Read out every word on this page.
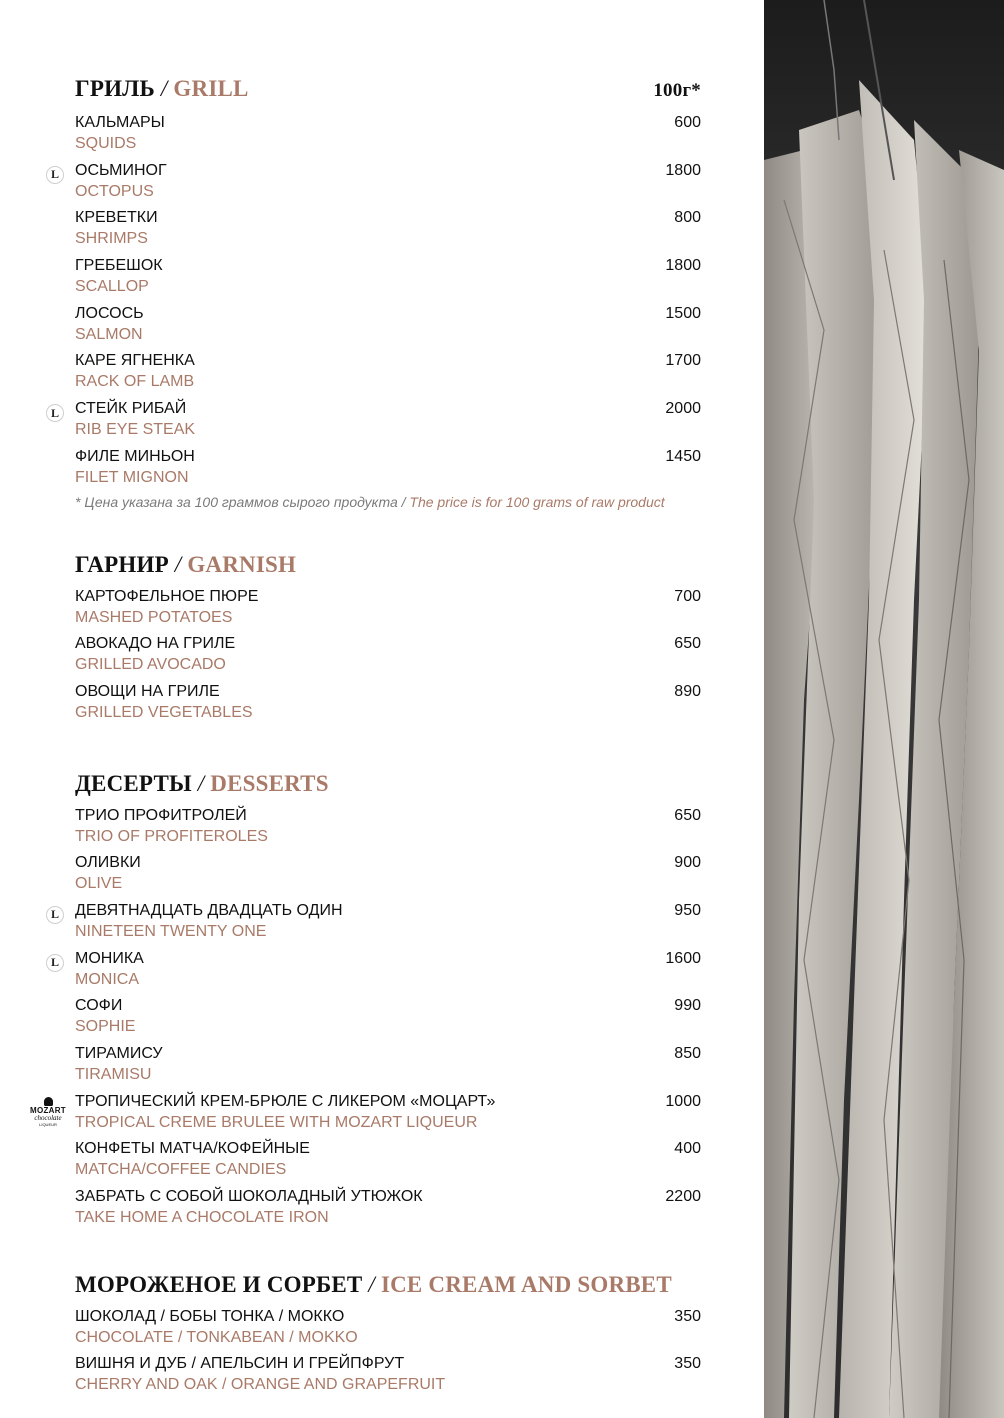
ГРИЛЬ / GRILL	100г*
КАЛЬМАРЫ	600
SQUIDS
L	ОСЬМИНОГ	1800
OCTOPUS
КРЕВЕТКИ	800
SHRIMPS
ГРЕБЕШОК	1800
SCALLOP
ЛОСОСЬ	1500
SALMON
КАРЕ ЯГНЕНКА	1700
RACK OF LAMB
L	СТЕЙК РИБАЙ	2000
RIB EYE STEAK
ФИЛЕ МИНЬОН	1450
FILET MIGNON
* Цена указана за 100 граммов сырого продукта / The price is for 100 grams of raw product
ГАРНИР / GARNISH
КАРТОФЕЛЬНОЕ ПЮРЕ	700
MASHED POTATOES
АВОКАДО НА ГРИЛЕ	650
GRILLED AVOCADO
ОВОЩИ НА ГРИЛЕ	890
GRILLED VEGETABLES
ДЕСЕРТЫ / DESSERTS
ТРИО ПРОФИТРОЛЕЙ	650
TRIO OF PROFITEROLES
ОЛИВКИ	900
OLIVE
L	ДЕВЯТНАДЦАТЬ ДВАДЦАТЬ ОДИН	950
NINETEEN TWENTY ONE
L	МОНИКА	1600
MONICA
СОФИ	990
SOPHIE
ТИРАМИСУ	850
TIRAMISU
MOZART
chocolate
LIQUEUR
ТРОПИЧЕСКИЙ КРЕМ-БРЮЛЕ С ЛИКЕРОМ «МОЦАРТ»	1000
TROPICAL CREME BRULEE WITH MOZART LIQUEUR
КОНФЕТЫ МАТЧА/КОФЕЙНЫЕ	400
MATCHA/COFFEE CANDIES
ЗАБРАТЬ С СОБОЙ ШОКОЛАДНЫЙ УТЮЖОК	2200
TAKE HOME A CHOCOLATE IRON
МОРОЖЕНОЕ И СОРБЕТ / ICE CREAM AND SORBET
ШОКОЛАД / БОБЫ ТОНКА / МОККО	350
CHOCOLATE / TONKABEAN / MOKKO
ВИШНЯ И ДУБ / АПЕЛЬСИН И ГРЕЙПФРУТ	350
CHERRY AND OAK / ORANGE AND GRAPEFRUIT
